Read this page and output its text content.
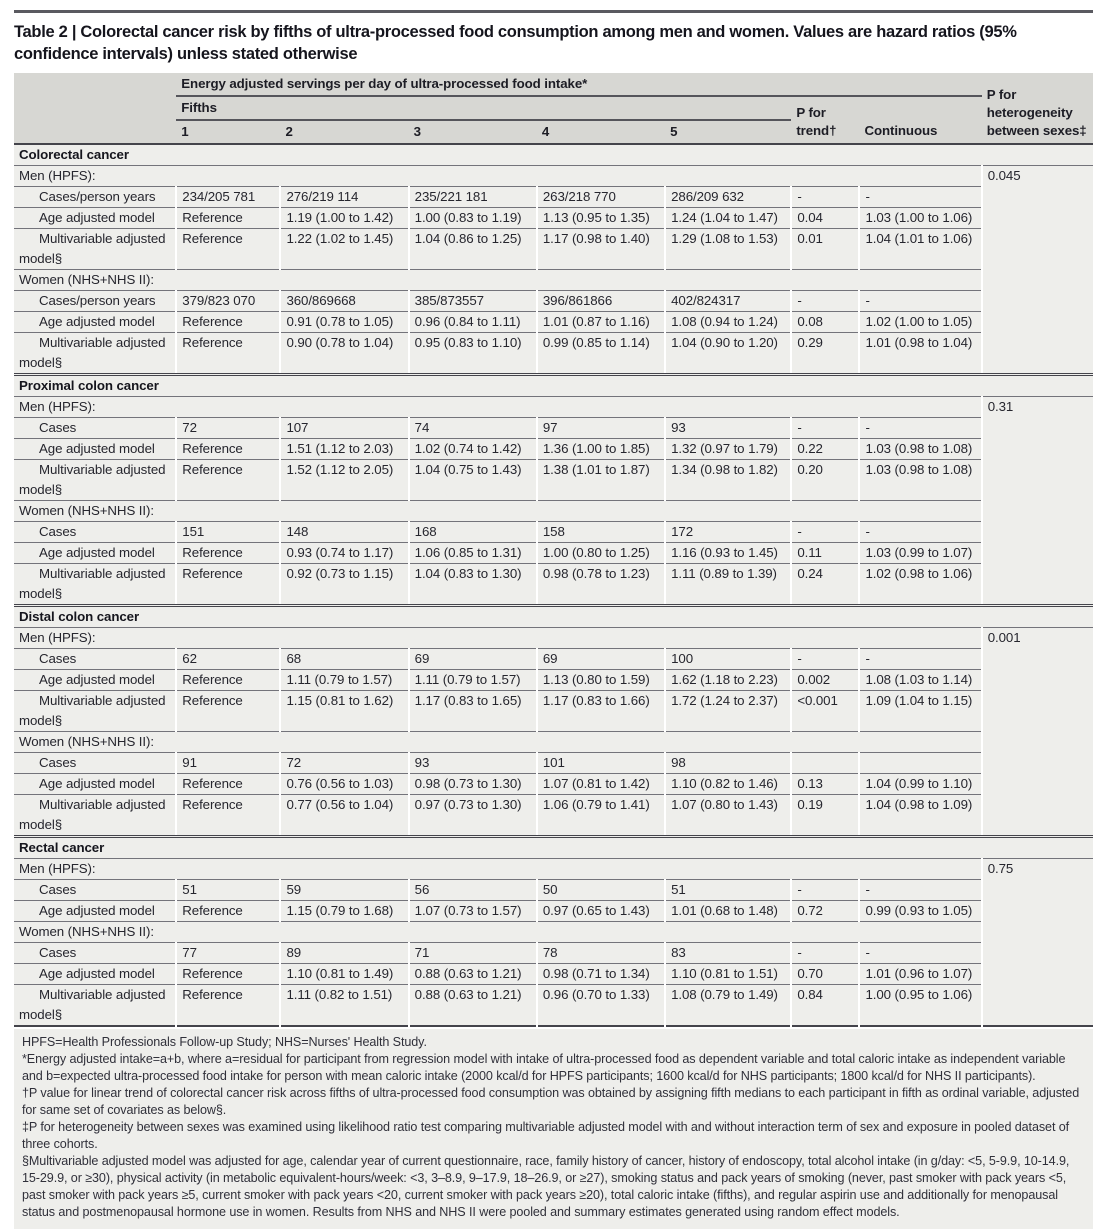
Table 2 | Colorectal cancer risk by fifths of ultra-processed food consumption among men and women. Values are hazard ratios (95% confidence intervals) unless stated otherwise
	Energy adjusted servings per day of ultra-processed food intake*							P for heterogeneity between sexes‡
	Fifths					P for trend†	Continuous	
	1	2	3	4	5			
Colorectal cancer								
Men (HPFS):								0.045
Cases/person years	234/205 781	276/219 114	235/221 181	263/218 770	286/209 632	-	-	
Age adjusted model	Reference	1.19 (1.00 to 1.42)	1.00 (0.83 to 1.19)	1.13 (0.95 to 1.35)	1.24 (1.04 to 1.47)	0.04	1.03 (1.00 to 1.06)	
Multivariable adjusted model§	Reference	1.22 (1.02 to 1.45)	1.04 (0.86 to 1.25)	1.17 (0.98 to 1.40)	1.29 (1.08 to 1.53)	0.01	1.04 (1.01 to 1.06)	
Women (NHS+NHS II):								
Cases/person years	379/823 070	360/869668	385/873557	396/861866	402/824317	-	-	
Age adjusted model	Reference	0.91 (0.78 to 1.05)	0.96 (0.84 to 1.11)	1.01 (0.87 to 1.16)	1.08 (0.94 to 1.24)	0.08	1.02 (1.00 to 1.05)	
Multivariable adjusted model§	Reference	0.90 (0.78 to 1.04)	0.95 (0.83 to 1.10)	0.99 (0.85 to 1.14)	1.04 (0.90 to 1.20)	0.29	1.01 (0.98 to 1.04)	
Proximal colon cancer								
Men (HPFS):								0.31
Cases	72	107	74	97	93	-	-	
Age adjusted model	Reference	1.51 (1.12 to 2.03)	1.02 (0.74 to 1.42)	1.36 (1.00 to 1.85)	1.32 (0.97 to 1.79)	0.22	1.03 (0.98 to 1.08)	
Multivariable adjusted model§	Reference	1.52 (1.12 to 2.05)	1.04 (0.75 to 1.43)	1.38 (1.01 to 1.87)	1.34 (0.98 to 1.82)	0.20	1.03 (0.98 to 1.08)	
Women (NHS+NHS II):								
Cases	151	148	168	158	172	-	-	
Age adjusted model	Reference	0.93 (0.74 to 1.17)	1.06 (0.85 to 1.31)	1.00 (0.80 to 1.25)	1.16 (0.93 to 1.45)	0.11	1.03 (0.99 to 1.07)	
Multivariable adjusted model§	Reference	0.92 (0.73 to 1.15)	1.04 (0.83 to 1.30)	0.98 (0.78 to 1.23)	1.11 (0.89 to 1.39)	0.24	1.02 (0.98 to 1.06)	
Distal colon cancer								
Men (HPFS):								0.001
Cases	62	68	69	69	100	-	-	
Age adjusted model	Reference	1.11 (0.79 to 1.57)	1.11 (0.79 to 1.57)	1.13 (0.80 to 1.59)	1.62 (1.18 to 2.23)	0.002	1.08 (1.03 to 1.14)	
Multivariable adjusted model§	Reference	1.15 (0.81 to 1.62)	1.17 (0.83 to 1.65)	1.17 (0.83 to 1.66)	1.72 (1.24 to 2.37)	<0.001	1.09 (1.04 to 1.15)	
Women (NHS+NHS II):								
Cases	91	72	93	101	98			
Age adjusted model	Reference	0.76 (0.56 to 1.03)	0.98 (0.73 to 1.30)	1.07 (0.81 to 1.42)	1.10 (0.82 to 1.46)	0.13	1.04 (0.99 to 1.10)	
Multivariable adjusted model§	Reference	0.77 (0.56 to 1.04)	0.97 (0.73 to 1.30)	1.06 (0.79 to 1.41)	1.07 (0.80 to 1.43)	0.19	1.04 (0.98 to 1.09)	
Rectal cancer								
Men (HPFS):								0.75
Cases	51	59	56	50	51	-	-	
Age adjusted model	Reference	1.15 (0.79 to 1.68)	1.07 (0.73 to 1.57)	0.97 (0.65 to 1.43)	1.01 (0.68 to 1.48)	0.72	0.99 (0.93 to 1.05)	
Women (NHS+NHS II):								
Cases	77	89	71	78	83	-	-	
Age adjusted model	Reference	1.10 (0.81 to 1.49)	0.88 (0.63 to 1.21)	0.98 (0.71 to 1.34)	1.10 (0.81 to 1.51)	0.70	1.01 (0.96 to 1.07)	
Multivariable adjusted model§	Reference	1.11 (0.82 to 1.51)	0.88 (0.63 to 1.21)	0.96 (0.70 to 1.33)	1.08 (0.79 to 1.49)	0.84	1.00 (0.95 to 1.06)	

HPFS=Health Professionals Follow-up Study; NHS=Nurses' Health Study.

*Energy adjusted intake=a+b, where a=residual for participant from regression model with intake of ultra-processed food as dependent variable and total caloric intake as independent variable and b=expected ultra-processed food intake for person with mean caloric intake (2000 kcal/d for HPFS participants; 1600 kcal/d for NHS participants; 1800 kcal/d for NHS II participants).

†P value for linear trend of colorectal cancer risk across fifths of ultra-processed food consumption was obtained by assigning fifth medians to each participant in fifth as ordinal variable, adjusted for same set of covariates as below§.

‡P for heterogeneity between sexes was examined using likelihood ratio test comparing multivariable adjusted model with and without interaction term of sex and exposure in pooled dataset of three cohorts.

§Multivariable adjusted model was adjusted for age, calendar year of current questionnaire, race, family history of cancer, history of endoscopy, total alcohol intake (in g/day: <5, 5-9.9, 10-14.9, 15-29.9, or ≥30), physical activity (in metabolic equivalent-hours/week: <3, 3–8.9, 9–17.9, 18–26.9, or ≥27), smoking status and pack years of smoking (never, past smoker with pack years <5, past smoker with pack years ≥5, current smoker with pack years <20, current smoker with pack years ≥20), total caloric intake (fifths), and regular aspirin use and additionally for menopausal status and postmenopausal hormone use in women. Results from NHS and NHS II were pooled and summary estimates generated using random effect models.
